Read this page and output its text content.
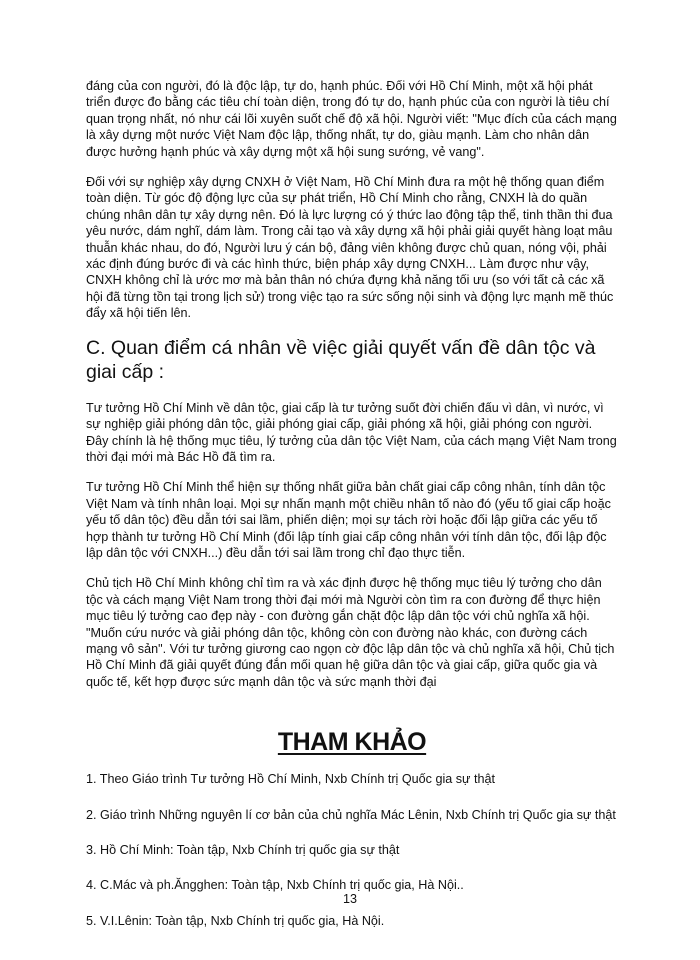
đáng của con người, đó là độc lập, tự do, hạnh phúc. Đối với Hồ Chí Minh, một xã hội phát triển được đo bằng các tiêu chí toàn diện, trong đó tự do, hạnh phúc của con người là tiêu chí quan trọng nhất, nó như cái lõi xuyên suốt chế độ xã hội. Người viết: "Mục đích của cách mạng là xây dựng một nước Việt Nam độc lập, thống nhất, tự do, giàu mạnh. Làm cho nhân dân được hưởng hạnh phúc và xây dựng một xã hội sung sướng, vẻ vang".

Đối với sự nghiệp xây dựng CNXH ở Việt Nam, Hồ Chí Minh đưa ra một hệ thống quan điểm toàn diện. Từ góc độ động lực của sự phát triển, Hồ Chí Minh cho rằng, CNXH là do quần chúng nhân dân tự xây dựng nên. Đó là lực lượng có ý thức lao động tập thể, tinh thần thi đua yêu nước, dám nghĩ, dám làm. Trong cải tạo và xây dựng xã hội phải giải quyết hàng loạt mâu thuẫn khác nhau, do đó, Người lưu ý cán bộ, đảng viên không được chủ quan, nóng vội, phải xác định đúng bước đi và các hình thức, biện pháp xây dựng CNXH... Làm được như vậy, CNXH không chỉ là ước mơ mà bản thân nó chứa đựng khả năng tối ưu (so với tất cả các xã hội đã từng tồn tại trong lịch sử) trong việc tạo ra sức sống nội sinh và động lực mạnh mẽ thúc đẩy xã hội tiến lên.

C. Quan điểm cá nhân về việc giải quyết vấn đề dân tộc và giai cấp :

Tư tưởng Hồ Chí Minh về dân tộc, giai cấp là tư tưởng suốt đời chiến đấu vì dân, vì nước, vì sự nghiệp giải phóng dân tộc, giải phóng giai cấp, giải phóng xã hội, giải phóng con người. Đây chính là hệ thống mục tiêu, lý tưởng của dân tộc Việt Nam, của cách mạng Việt Nam trong thời đại mới mà Bác Hồ đã tìm ra.

Tư tưởng Hồ Chí Minh thể hiện sự thống nhất giữa bản chất giai cấp công nhân, tính dân tộc Việt Nam và tính nhân loại. Mọi sự nhấn mạnh một chiều nhân tố nào đó (yếu tố giai cấp hoặc yếu tố dân tộc) đều dẫn tới sai lầm, phiến diện; mọi sự tách rời hoặc đối lập giữa các yếu tố hợp thành tư tưởng Hồ Chí Minh (đối lập tính giai cấp công nhân với tính dân tộc, đối lập độc lập dân tộc với CNXH...) đều dẫn tới sai lầm trong chỉ đạo thực tiễn.

Chủ tịch Hồ Chí Minh không chỉ tìm ra và xác định được hệ thống mục tiêu lý tưởng cho dân tộc và cách mạng Việt Nam trong thời đại mới mà Người còn tìm ra con đường để thực hiện mục tiêu lý tưởng cao đẹp này - con đường gắn chặt độc lập dân tộc với chủ nghĩa xã hội. "Muốn cứu nước và giải phóng dân tộc, không còn con đường nào khác, con đường cách mạng vô sản". Với tư tưởng giương cao ngọn cờ độc lập dân tộc và chủ nghĩa xã hội, Chủ tịch Hồ Chí Minh đã giải quyết đúng đắn mối quan hệ giữa dân tộc và giai cấp, giữa quốc gia và quốc tế, kết hợp được sức mạnh dân tộc và sức mạnh thời đại

THAM KHẢO
1. Theo Giáo trình Tư tưởng Hồ Chí Minh, Nxb Chính trị Quốc gia sự thật
2. Giáo trình Những nguyên lí cơ bản của chủ nghĩa Mác Lênin, Nxb Chính trị Quốc gia sự thật
3. Hồ Chí Minh: Toàn tập, Nxb Chính trị quốc gia sự thật
4. C.Mác và ph.Ăngghen: Toàn tập, Nxb Chính trị quốc gia, Hà Nội..
5. V.I.Lênin: Toàn tập, Nxb Chính trị quốc gia, Hà Nội.
13
